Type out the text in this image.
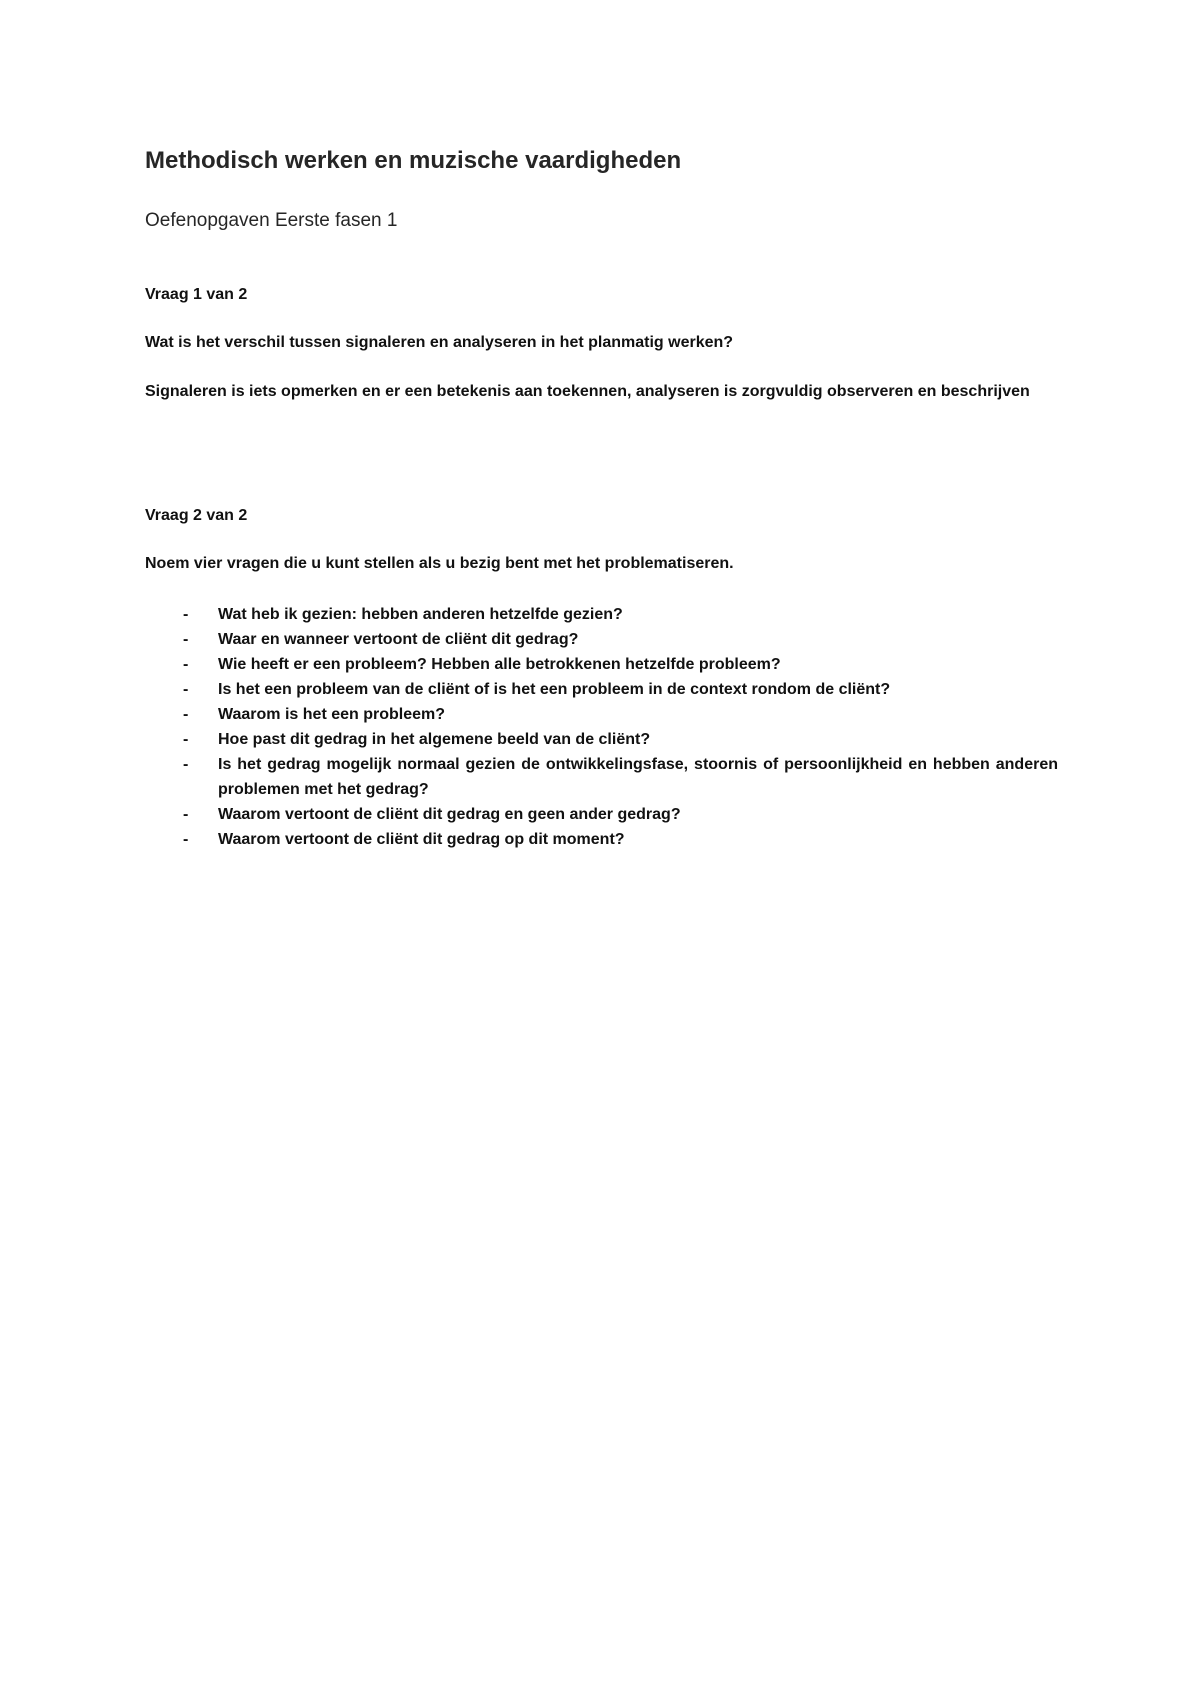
Methodisch werken en muzische vaardigheden
Oefenopgaven Eerste fasen 1
Vraag 1 van 2
Wat is het verschil tussen signaleren en analyseren in het planmatig werken?

Signaleren is iets opmerken en er een betekenis aan toekennen, analyseren is zorgvuldig observeren en beschrijven

Vraag 2 van 2
Noem vier vragen die u kunt stellen als u bezig bent met het problematiseren.
- Wat heb ik gezien: hebben anderen hetzelfde gezien?
- Waar en wanneer vertoont de cliënt dit gedrag?
- Wie heeft er een probleem? Hebben alle betrokkenen hetzelfde probleem?
- Is het een probleem van de cliënt of is het een probleem in de context rondom de cliënt?
- Waarom is het een probleem?
- Hoe past dit gedrag in het algemene beeld van de cliënt?
- Is het gedrag mogelijk normaal gezien de ontwikkelingsfase, stoornis of persoonlijkheid en hebben anderen problemen met het gedrag?
- Waarom vertoont de cliënt dit gedrag en geen ander gedrag?
- Waarom vertoont de cliënt dit gedrag op dit moment?
